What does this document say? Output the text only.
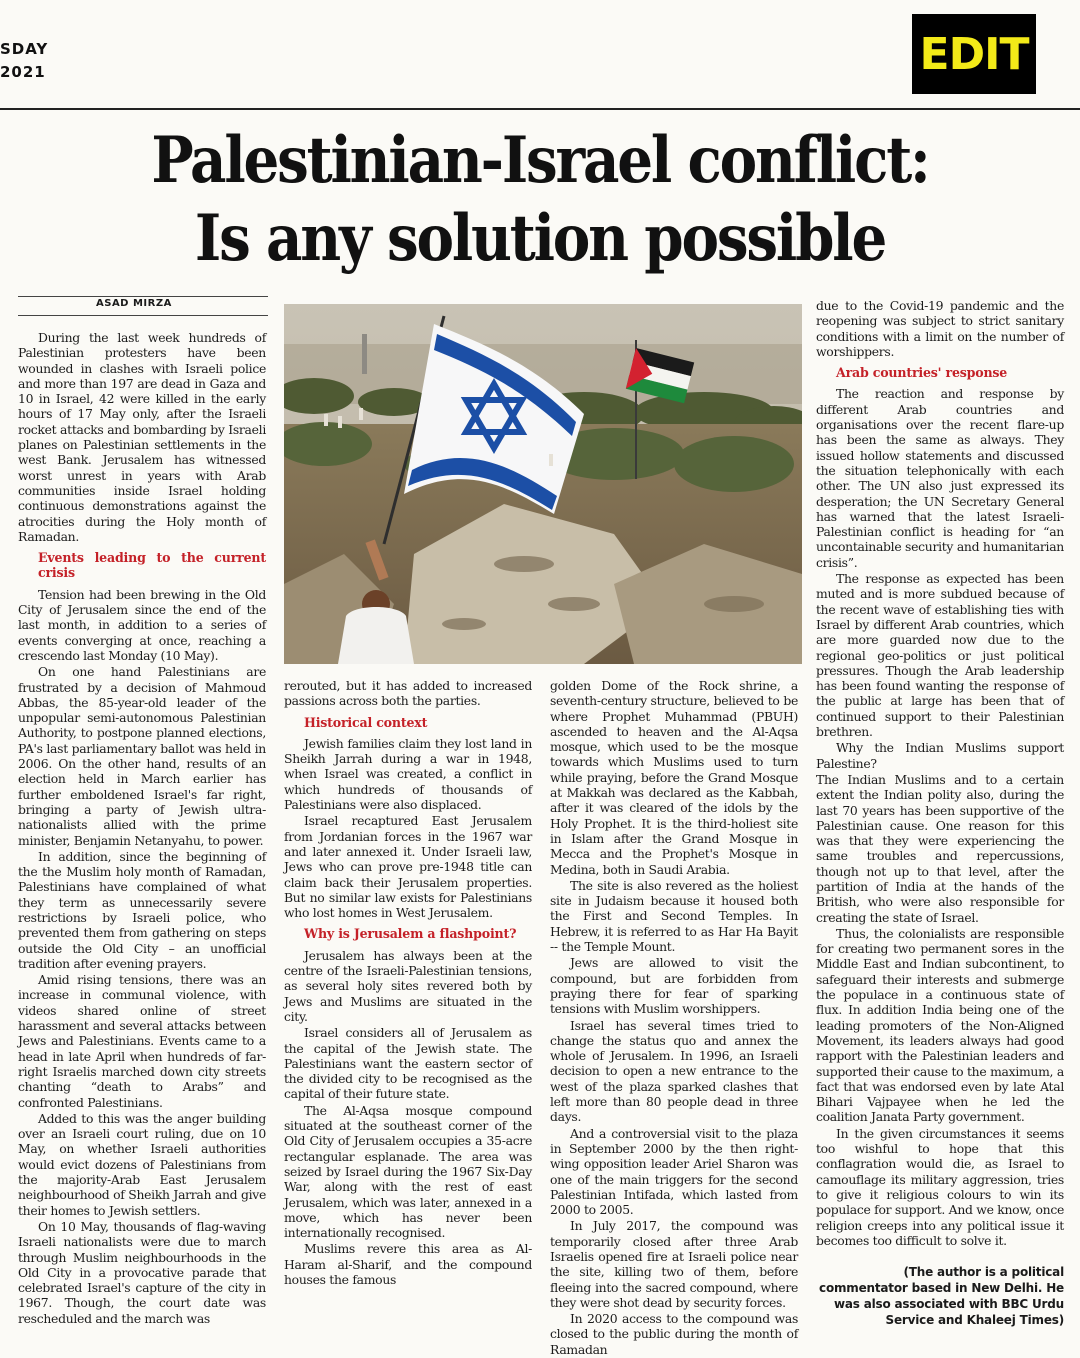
SDAY
2021	EDIT
Palestinian-Israel conflict:
Is any solution possible
ASAD MIRZA

During the last week hundreds of Palestinian protesters have been wounded in clashes with Israeli police and more than 197 are dead in Gaza and 10 in Israel, 42 were killed in the early hours of 17 May only, after the Israeli rocket attacks and bombarding by Israeli planes on Palestinian settlements in the west Bank. Jerusalem has witnessed worst unrest in years with Arab communities inside Israel holding continuous demonstrations against the atrocities during the Holy month of Ramadan.

Events leading to the current crisis

Tension had been brewing in the Old City of Jerusalem since the end of the last month, in addition to a series of events converging at once, reaching a crescendo last Monday (10 May).

On one hand Palestinians are frustrated by a decision of Mahmoud Abbas, the 85-year-old leader of the unpopular semi-autonomous Palestinian Authority, to postpone planned elections, PA's last parliamentary ballot was held in 2006. On the other hand, results of an election held in March earlier has further emboldened Israel's far right, bringing a party of Jewish ultra-nationalists allied with the prime minister, Benjamin Netanyahu, to power.

In addition, since the beginning of the the Muslim holy month of Ramadan, Palestinians have complained of what they term as unnecessarily severe restrictions by Israeli police, who prevented them from gathering on steps outside the Old City – an unofficial tradition after evening prayers.

Amid rising tensions, there was an increase in communal violence, with videos shared online of street harassment and several attacks between Jews and Palestinians. Events came to a head in late April when hundreds of far-right Israelis marched down city streets chanting “death to Arabs” and confronted Palestinians.

Added to this was the anger building over an Israeli court ruling, due on 10 May, on whether Israeli authorities would evict dozens of Palestinians from the majority-Arab East Jerusalem neighbourhood of Sheikh Jarrah and give their homes to Jewish settlers.

On 10 May, thousands of flag-waving Israeli nationalists were due to march through Muslim neighbourhoods in the Old City in a provocative parade that celebrated Israel's capture of the city in 1967. Though, the court date was rescheduled and the march was

rerouted, but it has added to increased passions across both the parties.

Historical context

Jewish families claim they lost land in Sheikh Jarrah during a war in 1948, when Israel was created, a conflict in which hundreds of thousands of Palestinians were also displaced.

Israel recaptured East Jerusalem from Jordanian forces in the 1967 war and later annexed it. Under Israeli law, Jews who can prove pre-1948 title can claim back their Jerusalem properties. But no similar law exists for Palestinians who lost homes in West Jerusalem.

Why is Jerusalem a flashpoint?

Jerusalem has always been at the centre of the Israeli-Palestinian tensions, as several holy sites revered both by Jews and Muslims are situated in the city.

Israel considers all of Jerusalem as the capital of the Jewish state. The Palestinians want the eastern sector of the divided city to be recognised as the capital of their future state.

The Al-Aqsa mosque compound situated at the southeast corner of the Old City of Jerusalem occupies a 35-acre rectangular esplanade. The area was seized by Israel during the 1967 Six-Day War, along with the rest of east Jerusalem, which was later, annexed in a move, which has never been internationally recognised.

Muslims revere this area as Al-Haram al-Sharif, and the compound houses the famous

golden Dome of the Rock shrine, a seventh-century structure, believed to be where Prophet Muhammad (PBUH) ascended to heaven and the Al-Aqsa mosque, which used to be the mosque towards which Muslims used to turn while praying, before the Grand Mosque at Makkah was declared as the Kabbah, after it was cleared of the idols by the Holy Prophet. It is the third-holiest site in Islam after the Grand Mosque in Mecca and the Prophet's Mosque in Medina, both in Saudi Arabia.

The site is also revered as the holiest site in Judaism because it housed both the First and Second Temples. In Hebrew, it is referred to as Har Ha Bayit -- the Temple Mount.

Jews are allowed to visit the compound, but are forbidden from praying there for fear of sparking tensions with Muslim worshippers.

Israel has several times tried to change the status quo and annex the whole of Jerusalem. In 1996, an Israeli decision to open a new entrance to the west of the plaza sparked clashes that left more than 80 people dead in three days.

And a controversial visit to the plaza in September 2000 by the then right-wing opposition leader Ariel Sharon was one of the main triggers for the second Palestinian Intifada, which lasted from 2000 to 2005.

In July 2017, the compound was temporarily closed after three Arab Israelis opened fire at Israeli police near the site, killing two of them, before fleeing into the sacred compound, where they were shot dead by security forces.

In 2020 access to the compound was closed to the public during the month of Ramadan

due to the Covid-19 pandemic and the reopening was subject to strict sanitary conditions with a limit on the number of worshippers.

Arab countries' response

The reaction and response by different Arab countries and organisations over the recent flare-up has been the same as always. They issued hollow statements and discussed the situation telephonically with each other. The UN also just expressed its desperation; the UN Secretary General has warned that the latest Israeli-Palestinian conflict is heading for “an uncontainable security and humanitarian crisis”.

The response as expected has been muted and is more subdued because of the recent wave of establishing ties with Israel by different Arab countries, which are more guarded now due to the regional geo-politics or just political pressures. Though the Arab leadership has been found wanting the response of the public at large has been that of continued support to their Palestinian brethren.

Why the Indian Muslims support Palestine?

The Indian Muslims and to a certain extent the Indian polity also, during the last 70 years has been supportive of the Palestinian cause. One reason for this was that they were experiencing the same troubles and repercussions, though not up to that level, after the partition of India at the hands of the British, who were also responsible for creating the state of Israel.

Thus, the colonialists are responsible for creating two permanent sores in the Middle East and Indian subcontinent, to safeguard their interests and submerge the populace in a continuous state of flux. In addition India being one of the leading promoters of the Non-Aligned Movement, its leaders always had good rapport with the Palestinian leaders and supported their cause to the maximum, a fact that was endorsed even by late Atal Bihari Vajpayee when he led the coalition Janata Party government.

In the given circumstances it seems too wishful to hope that this conflagration would die, as Israel to camouflage its military aggression, tries to give it religious colours to win its populace for support. And we know, once religion creeps into any political issue it becomes too difficult to solve it.

(The author is a political commentator based in New Delhi. He was also associated with BBC Urdu Service and Khaleej Times)
